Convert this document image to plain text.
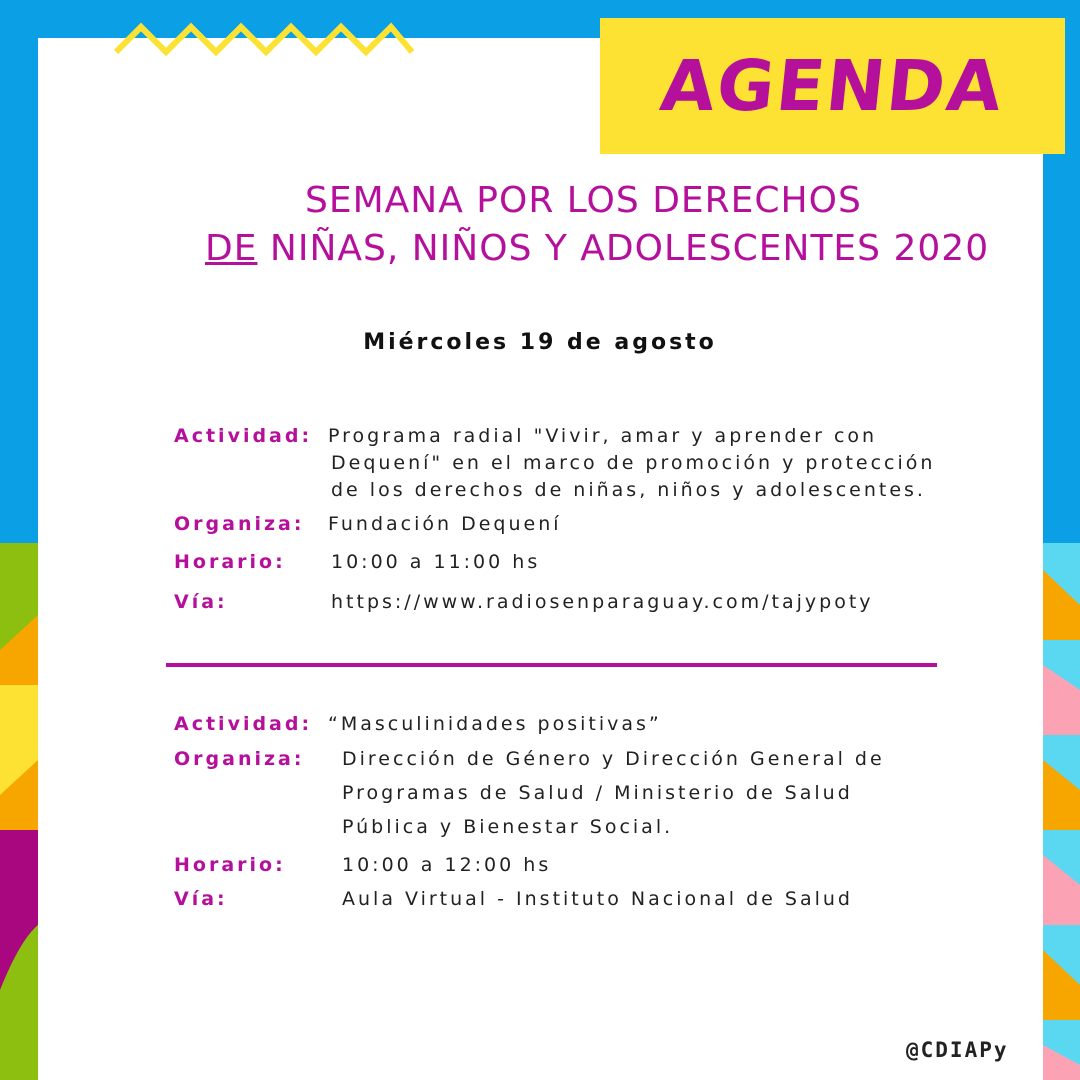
AGENDA
SEMANA POR LOS DERECHOS
DE NIÑAS, NIÑOS Y ADOLESCENTES 2020
Miércoles 19 de agosto
Actividad: Programa radial "Vivir, amar y aprender con
Dequení" en el marco de promoción y protección
de los derechos de niñas, niños y adolescentes.
Organiza: Fundación Dequení
Horario: 10:00 a 11:00 hs
Vía:	https://www.radiosenparaguay.com/tajypoty
Actividad: “Masculinidades positivas”
Organiza: Dirección de Género y Dirección General de
Programas de Salud / Ministerio de Salud
Pública y Bienestar Social.
Horario:	10:00 a 12:00 hs
Vía:	Aula Virtual - Instituto Nacional de Salud
@CDIAPy
